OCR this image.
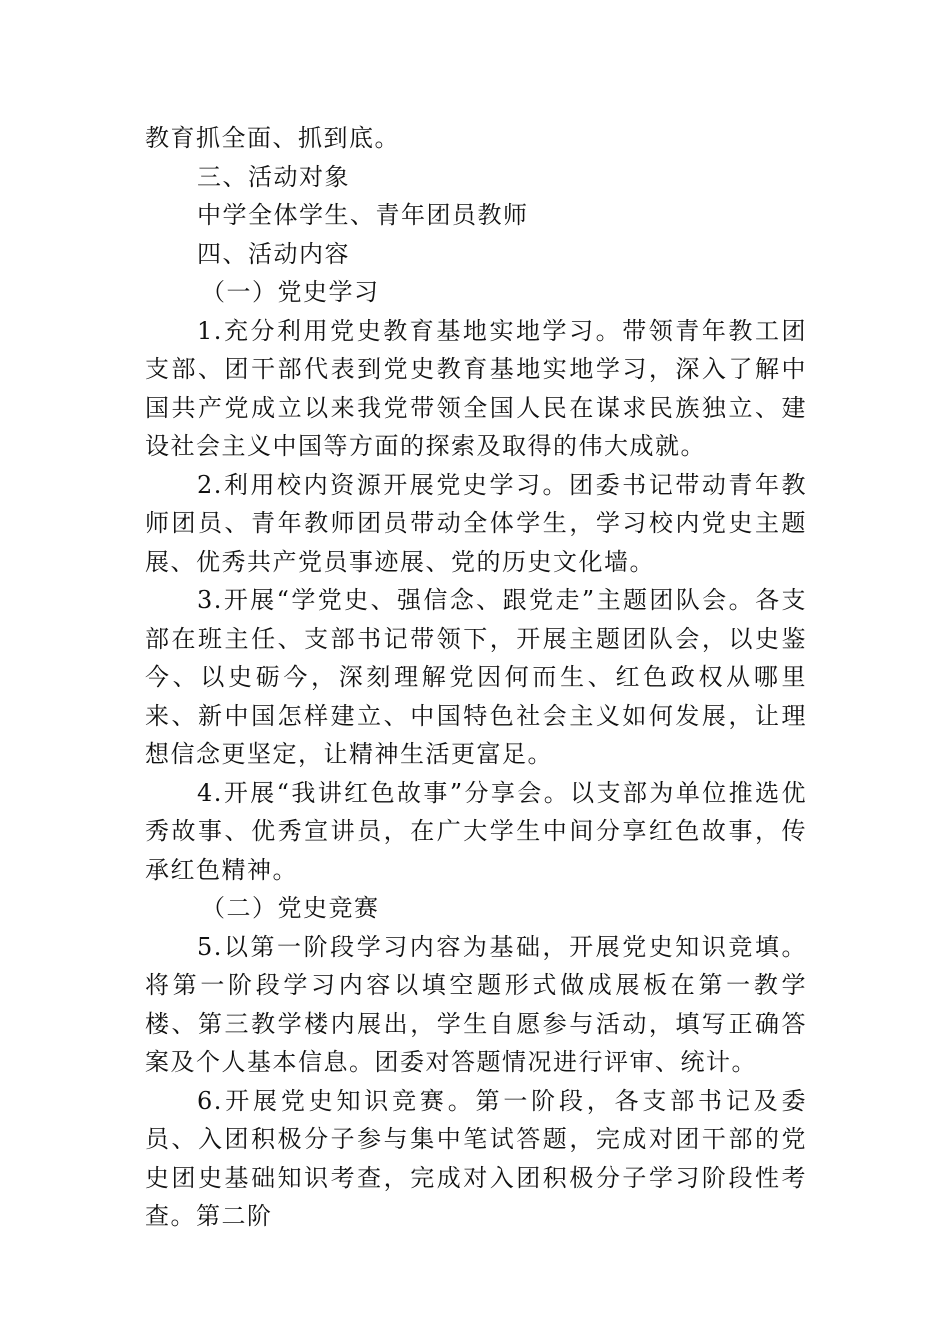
教育抓全面、抓到底。

三、活动对象

中学全体学生、青年团员教师

四、活动内容

（一）党史学习

1.充分利用党史教育基地实地学习。带领青年教工团支部、团干部代表到党史教育基地实地学习，深入了解中国共产党成立以来我党带领全国人民在谋求民族独立、建设社会主义中国等方面的探索及取得的伟大成就。

2.利用校内资源开展党史学习。团委书记带动青年教师团员、青年教师团员带动全体学生，学习校内党史主题展、优秀共产党员事迹展、党的历史文化墙。

3.开展“学党史、强信念、跟党走”主题团队会。各支部在班主任、支部书记带领下，开展主题团队会，以史鉴今、以史砺今，深刻理解党因何而生、红色政权从哪里来、新中国怎样建立、中国特色社会主义如何发展，让理想信念更坚定，让精神生活更富足。

4.开展“我讲红色故事”分享会。以支部为单位推选优秀故事、优秀宣讲员，在广大学生中间分享红色故事，传承红色精神。

（二）党史竞赛

5.以第一阶段学习内容为基础，开展党史知识竞填。将第一阶段学习内容以填空题形式做成展板在第一教学楼、第三教学楼内展出，学生自愿参与活动，填写正确答案及个人基本信息。团委对答题情况进行评审、统计。

6.开展党史知识竞赛。第一阶段，各支部书记及委员、入团积极分子参与集中笔试答题，完成对团干部的党史团史基础知识考查，完成对入团积极分子学习阶段性考查。第二阶
